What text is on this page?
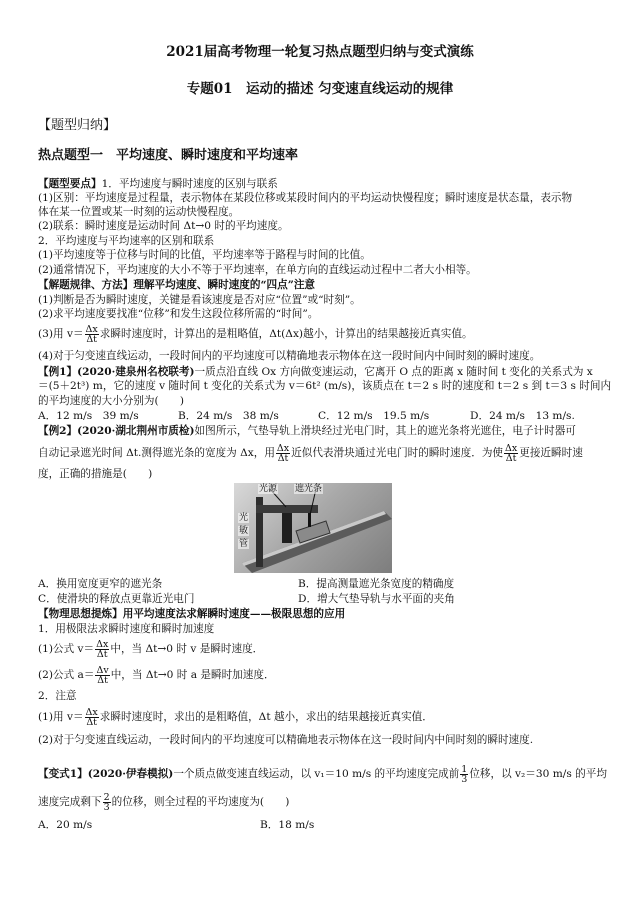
2021届高考物理一轮复习热点题型归纳与变式演练
专题01　运动的描述 匀变速直线运动的规律
【题型归纳】
热点题型一　平均速度、瞬时速度和平均速率
【题型要点】1．平均速度与瞬时速度的区别与联系
(1)区别：平均速度是过程量，表示物体在某段位移或某段时间内的平均运动快慢程度；瞬时速度是状态量，表示物
体在某一位置或某一时刻的运动快慢程度。
(2)联系：瞬时速度是运动时间 Δt→0 时的平均速度。
2．平均速度与平均速率的区别和联系
(1)平均速度等于位移与时间的比值，平均速率等于路程与时间的比值。
(2)通常情况下，平均速度的大小不等于平均速率，在单方向的直线运动过程中二者大小相等。
【解题规律、方法】理解平均速度、瞬时速度的“四点”注意
(1)判断是否为瞬时速度，关键是看该速度是否对应“位置”或“时刻”。
(2)求平均速度要找准“位移”和发生这段位移所需的“时间”。
(3)用 $v= \frac{\Delta x}{\Delta t}$ 求瞬时速度时，计算出的是粗略值，Δt(Δx)越小，计算出的结果越接近真实值。
(4)对于匀变速直线运动，一段时间内的平均速度可以精确地表示物体在这一段时间内中间时刻的瞬时速度。
【例1】(2020·建泉州名校联考)一质点沿直线 Ox 方向做变速运动，它离开 O 点的距离 x 随时间 t 变化的关系式为 x
＝(5＋2t³) m，它的速度 v 随时间 t 变化的关系式为 v＝6t² (m/s)，该质点在 t＝2 s 时的速度和 t＝2 s 到 t＝3 s 时间内
的平均速度的大小分别为(　　)
A．12 m/s　39 m/s	B．24 m/s　38 m/s	C．12 m/s　19.5 m/s	D．24 m/s　13 m/s.
【例2】(2020·湖北荆州市质检)如图所示，气垫导轨上滑块经过光电门时，其上的遮光条将光遮住，电子计时器可
自动记录遮光时间 Δt.测得遮光条的宽度为 Δx，用 $\frac{\Delta x}{\Delta t}$ 近似代表滑块通过光电门时的瞬时速度．为使 $\frac{\Delta x}{\Delta t}$ 更接近瞬时速
度，正确的措施是(　　)
光源 遮光条
光
敏
管
A．换用宽度更窄的遮光条	B．提高测量遮光条宽度的精确度
C．使滑块的释放点更靠近光电门	D．增大气垫导轨与水平面的夹角
【物理思想提炼】用平均速度法求解瞬时速度——极限思想的应用
1．用极限法求瞬时速度和瞬时加速度
(1)公式 $v= \frac{\Delta x}{\Delta t}$ 中，当 Δt→0 时 v 是瞬时速度．
(2)公式 $a= \frac{\Delta v}{\Delta t}$ 中，当 Δt→0 时 a 是瞬时加速度．
2．注意
(1)用 $v= \frac{\Delta x}{\Delta t}$ 求瞬时速度时，求出的是粗略值，Δt 越小，求出的结果越接近真实值．
(2)对于匀变速直线运动，一段时间内的平均速度可以精确地表示物体在这一段时间内中间时刻的瞬时速度.
【变式1】(2020·伊春模拟)一个质点做变速直线运动，以 v₁＝10 m/s 的平均速度完成前 $\frac{1}{3}$ 位移，以 v₂＝30 m/s 的平均
速度完成剩下 $\frac{2}{3}$ 的位移，则全过程的平均速度为(　　)
A．20 m/s	B．18 m/s
